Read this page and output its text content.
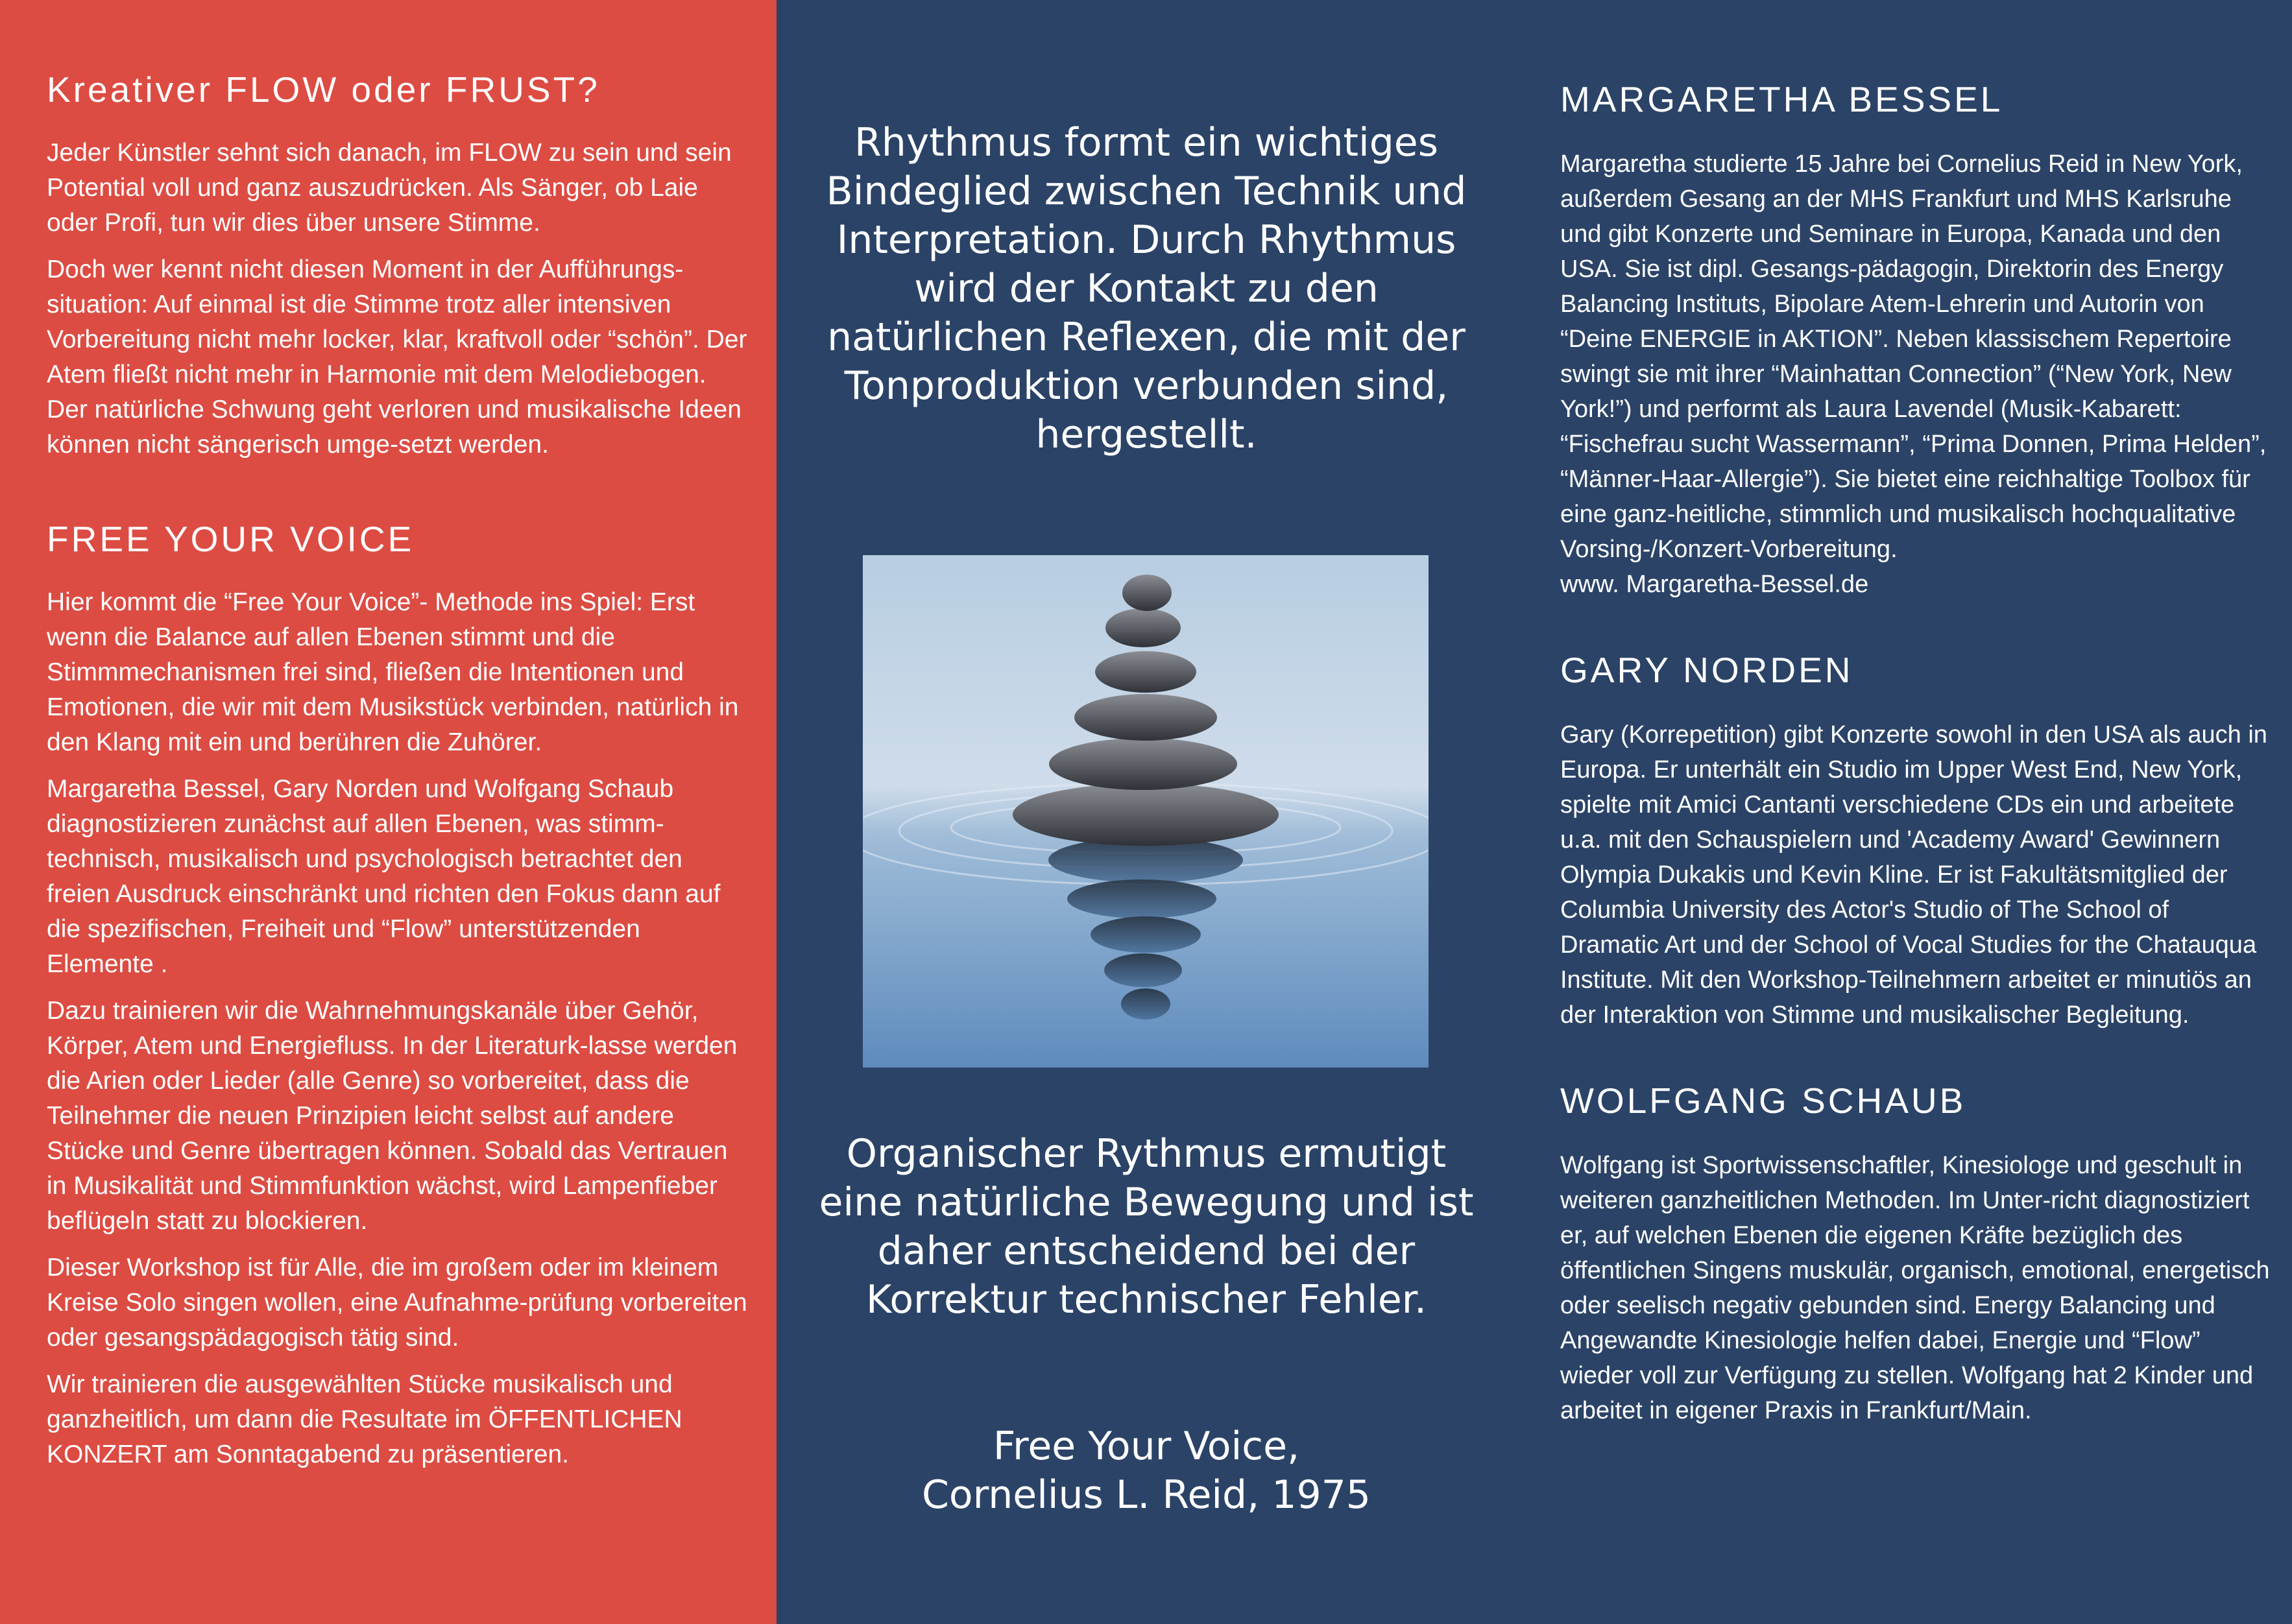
Kreativer FLOW oder FRUST?

Jeder Künstler sehnt sich danach, im FLOW zu sein und sein Potential voll und ganz auszudrücken. Als Sänger, ob Laie oder Profi, tun wir dies über unsere Stimme.

Doch wer kennt nicht diesen Moment in der Aufführungs-situation: Auf einmal ist die Stimme trotz aller intensiven Vorbereitung nicht mehr locker, klar, kraftvoll oder “schön”. Der Atem fließt nicht mehr in Harmonie mit dem Melodiebogen. Der natürliche Schwung geht verloren und musikalische Ideen können nicht sängerisch umge-setzt werden.

FREE YOUR VOICE

Hier kommt die “Free Your Voice”- Methode ins Spiel: Erst wenn die Balance auf allen Ebenen stimmt und die Stimmmechanismen frei sind, fließen die Intentionen und Emotionen, die wir mit dem Musikstück verbinden, natürlich in den Klang mit ein und berühren die Zuhörer.

Margaretha Bessel, Gary Norden und Wolfgang Schaub diagnostizieren zunächst auf allen Ebenen, was stimm-technisch, musikalisch und psychologisch betrachtet den freien Ausdruck einschränkt und richten den Fokus dann auf die spezifischen, Freiheit und “Flow” unterstützenden Elemente .

Dazu trainieren wir die Wahrnehmungskanäle über Gehör, Körper, Atem und Energiefluss. In der Literaturk-lasse werden die Arien oder Lieder (alle Genre) so vorbereitet, dass die Teilnehmer die neuen Prinzipien leicht selbst auf andere Stücke und Genre übertragen können. Sobald das Vertrauen in Musikalität und Stimmfunktion wächst, wird Lampenfieber beflügeln statt zu blockieren.

Dieser Workshop ist für Alle, die im großem oder im kleinem Kreise Solo singen wollen, eine Aufnahme-prüfung vorbereiten oder gesangspädagogisch tätig sind.

Wir trainieren die ausgewählten Stücke musikalisch und ganzheitlich, um dann die Resultate im ÖFFENTLICHEN KONZERT am Sonntagabend zu präsentieren.

Rhythmus formt ein wichtiges Bindeglied zwischen Technik und Interpretation. Durch Rhythmus wird der Kontakt zu den natürlichen Reflexen, die mit der Tonproduktion verbunden sind, hergestellt.

Organischer Rythmus ermutigt eine natürliche Bewegung und ist daher entscheidend bei der Korrektur technischer Fehler.

Free Your Voice,

Cornelius L. Reid, 1975

MARGARETHA BESSEL

Margaretha studierte 15 Jahre bei Cornelius Reid in New York, außerdem Gesang an der MHS Frankfurt und MHS Karlsruhe und gibt Konzerte und Seminare in Europa, Kanada und den USA. Sie ist dipl. Gesangs-pädagogin, Direktorin des Energy Balancing Instituts, Bipolare Atem-Lehrerin und Autorin von “Deine ENERGIE in AKTION”. Neben klassischem Repertoire swingt sie mit ihrer “Mainhattan Connection” (“New York, New York!”) und performt als Laura Lavendel (Musik-Kabarett: “Fischefrau sucht Wassermann”, “Prima Donnen, Prima Helden”, “Männer-Haar-Allergie”). Sie bietet eine reichhaltige Toolbox für eine ganz-heitliche, stimmlich und musikalisch hochqualitative Vorsing-/Konzert-Vorbereitung.

www. Margaretha-Bessel.de

GARY NORDEN

Gary (Korrepetition) gibt Konzerte sowohl in den USA als auch in Europa. Er unterhält ein Studio im Upper West End, New York, spielte mit Amici Cantanti verschiedene CDs ein und arbeitete u.a. mit den Schauspielern und 'Academy Award' Gewinnern Olympia Dukakis und Kevin Kline. Er ist Fakultätsmitglied der Columbia University des Actor's Studio of The School of Dramatic Art und der School of Vocal Studies for the Chatauqua Institute. Mit den Workshop-Teilnehmern arbeitet er minutiös an der Interaktion von Stimme und musikalischer Begleitung.

WOLFGANG SCHAUB

Wolfgang ist Sportwissenschaftler, Kinesiologe und geschult in weiteren ganzheitlichen Methoden. Im Unter-richt diagnostiziert er, auf welchen Ebenen die eigenen Kräfte bezüglich des öffentlichen Singens muskulär, organisch, emotional, energetisch oder seelisch negativ gebunden sind. Energy Balancing und Angewandte Kinesiologie helfen dabei, Energie und “Flow” wieder voll zur Verfügung zu stellen. Wolfgang hat 2 Kinder und arbeitet in eigener Praxis in Frankfurt/Main.
